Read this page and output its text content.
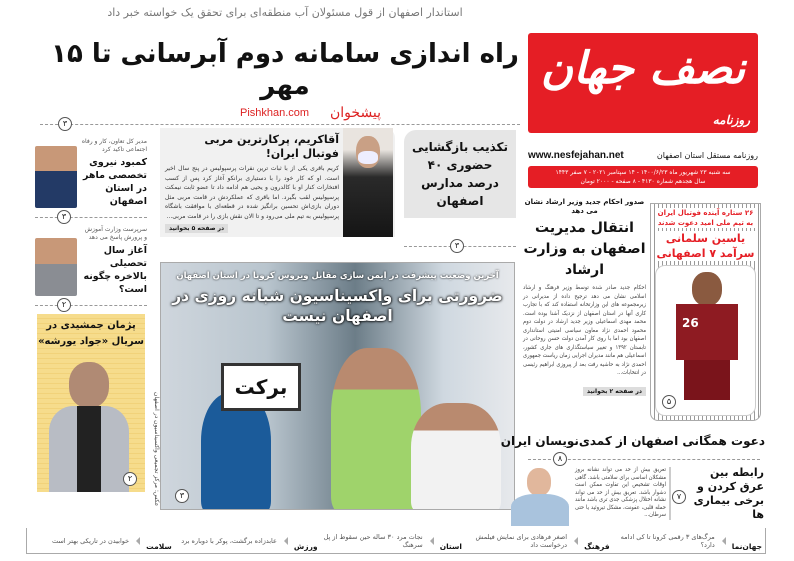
استاندار اصفهان از قول مسئولان آب منطقه‌ای برای تحقق یک خواسته خبر داد
راه اندازی سامانه دوم آبرسانی تا ۱۵ مهر
پیشخوان
Pishkhan.com
۳
نصف جهان
روزنامه
www.nesfejahan.net	روزنامه مستقل استان اصفهان
سه شنبه ۲۳ شهریور ماه ۱۴۰۰/۶/۲۳ - ۱۴ سپتامبر ۲۰۲۱ - ۷ صفر ۱۴۴۳
سال هجدهم شماره ۴۱۳۰ - ۸ صفحه - ۲۰۰۰ تومان
تکذیب بازگشایی حضوری ۴۰ درصد مدارس اصفهان
۳
آقاکریم، پرکارترین مربی فوتبال ایران!
کریم باقری یکی از با ثبات ترین نفرات پرسپولیس در پنج سال اخیر است. او که کار خود را با دستیاری برانکو آغاز کرد پس از کسب افتخارات کنار او با کالدرون و یحیی هم ادامه داد تا عضو ثابت نیمکت پرسپولیس لقب بگیرد. اما باقری که عملکردش در قامت مربی مثل دوران بازی‌اش تحسین برانگیز شده در قطعه‌ای با موافقت باشگاه پرسپولیس به تیم ملی می‌رود و تا الان نقش بازی را در قامت مربی...
در صفحه ۵ بخوانید
برکت
آخرین وضعیت پیشرفت در ایمن سازی مقابل ویروس کرونا در استان اصفهان
ضرورتی برای واکسیناسیون شبانه روزی در اصفهان نیست
۳
عکس: مرکز تجمیعی واکسیناسیون در اصفهان
مدیر کل تعاون، کار و رفاه اجتماعی تاکید کرد
کمبود نیروی تخصصی ماهر در استان اصفهان
۳
سرپرست وزارت آموزش و پرورش پاسخ می دهد
آغاز سال تحصیلی بالاخره چگونه است؟
۲
پژمان جمشیدی در سریال «جواد یورشه»
۲
صدور احکام جدید وزیر ارشاد نشان می دهد
انتقال مدیریت اصفهان به وزارت ارشاد
احکام جدید صادر شده توسط وزیر فرهنگ و ارشاد اسلامی نشان می دهد ترجیح داده از مدیرانی در زیرمجموعه های این وزارتخانه استفاده کند که با تجارب کاری آنها در استان اصفهان از نزدیک آشنا بوده است. محمد مهدی اسماعیلی وزیر جدید ارشاد در دولت دوم محمود احمدی نژاد معاون سیاسی امنیتی استانداری اصفهان بود اما با روی کار آمدن دولت حسن روحانی در تابستان ۱۳۹۲ و تغییر سیاستگذاری های جاری کشور، اسماعیلی هم مانند مدیران اجرایی زمان ریاست جمهوری احمدی نژاد به حاشیه رفت بعد از پیروزی ابراهیم رئیسی در انتخابات...
در صفحه ۲ بخوانید
۲۶ ستاره آینده فوتبال ایران به تیم ملی امید دعوت شدند
یاسین سلمانی سرآمد ۷ اصفهانی
26
۵
دعوت همگانی اصفهان از کمدی‌نویسان ایران
۸
رابطه بین عرق کردن و برخی بیماری ها
تعریق بیش از حد می تواند نشانه بروز مشکلان اساسی برای سلامتی باشد. گاهی اوقات تشخیص این تفاوت ممکن است دشوار باشد. تعریق بیش از حد می تواند نشانه اختلال پزشکی جدی تری باشد مانند حمله قلبی، عفونت، مشکل تیروئید یا حتی سرطان...
۷
جهان‌نما
مرگ‌های ۳ رقمی کرونا تا کی ادامه دارد؟
فرهنگ
اصغر فرهادی برای نمایش فیلمش درخواست داد
استان
نجات مرد ۳۰ ساله حین سقوط از پل سرهنگ
ورزش
عابدزاده برگشت، پوکر با دوباره برد
سلامت
خوابیدن در تاریکی بهتر است
